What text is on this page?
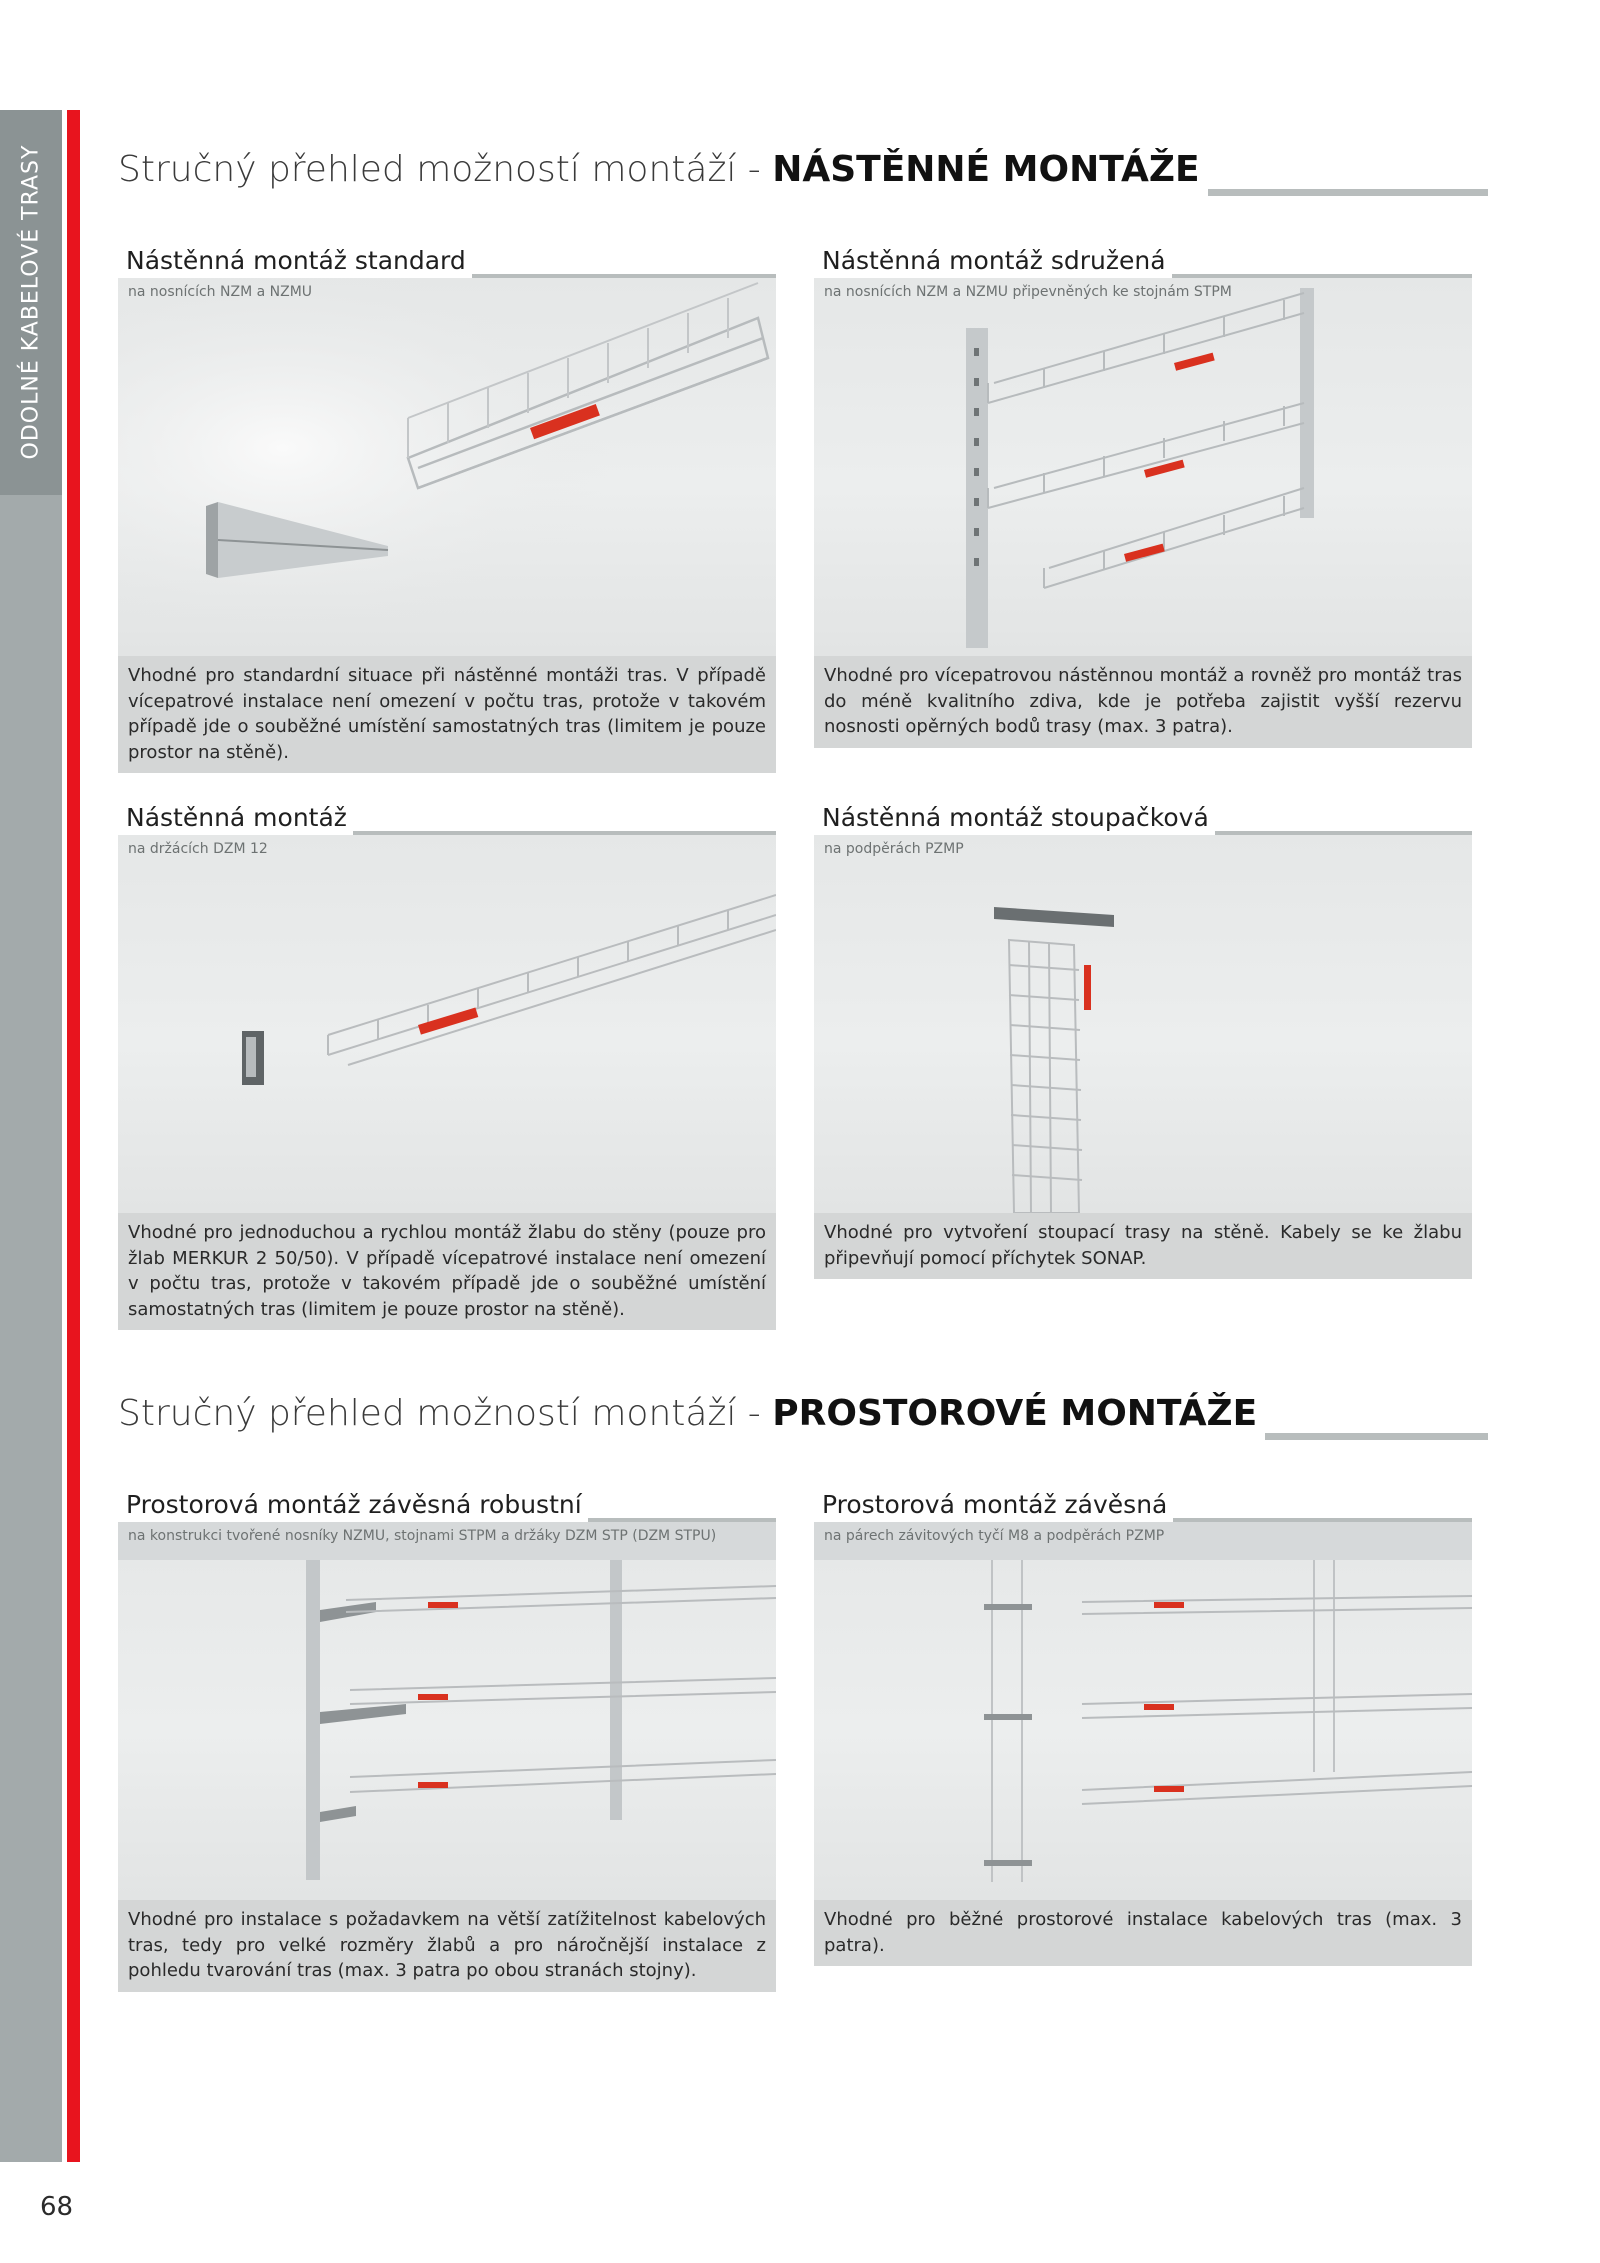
ODOLNÉ KABELOVÉ TRASY
68
Stručný přehled možností montáží - NÁSTĚNNÉ MONTÁŽE
Nástěnná montáž standard
na nosnících NZM a NZMU
Vhodné pro standardní situace při nástěnné montáži tras. V případě vícepatrové instalace není omezení v počtu tras, protože v takovém případě jde o souběžné umístění samostatných tras (limitem je pouze prostor na stěně).
Nástěnná montáž sdružená
na nosnících NZM a NZMU připevněných ke stojnám STPM
Vhodné pro vícepatrovou nástěnnou montáž a rovněž pro montáž tras do méně kvalitního zdiva, kde je potřeba zajistit vyšší rezervu nosnosti opěrných bodů trasy (max. 3 patra).
Nástěnná montáž
na držácích DZM 12
Vhodné pro jednoduchou a rychlou montáž žlabu do stěny (pouze pro žlab MERKUR 2 50/50). V případě vícepatrové instalace není omezení v počtu tras, protože v takovém případě jde o souběžné umístění samostatných tras (limitem je pouze prostor na stěně).
Nástěnná montáž stoupačková
na podpěrách PZMP
Vhodné pro vytvoření stoupací trasy na stěně. Kabely se ke žlabu připevňují pomocí příchytek SONAP.
Stručný přehled možností montáží - PROSTOROVÉ MONTÁŽE
Prostorová montáž závěsná robustní
na konstrukci tvořené nosníky NZMU, stojnami STPM a držáky DZM STP (DZM STPU)
Vhodné pro instalace s požadavkem na větší zatížitelnost kabelových tras, tedy pro velké rozměry žlabů a pro náročnější instalace z pohledu tvarování tras (max. 3 patra po obou stranách stojny).
Prostorová montáž závěsná
na párech závitových tyčí M8 a podpěrách PZMP
Vhodné pro běžné prostorové instalace kabelových tras (max. 3 patra).
